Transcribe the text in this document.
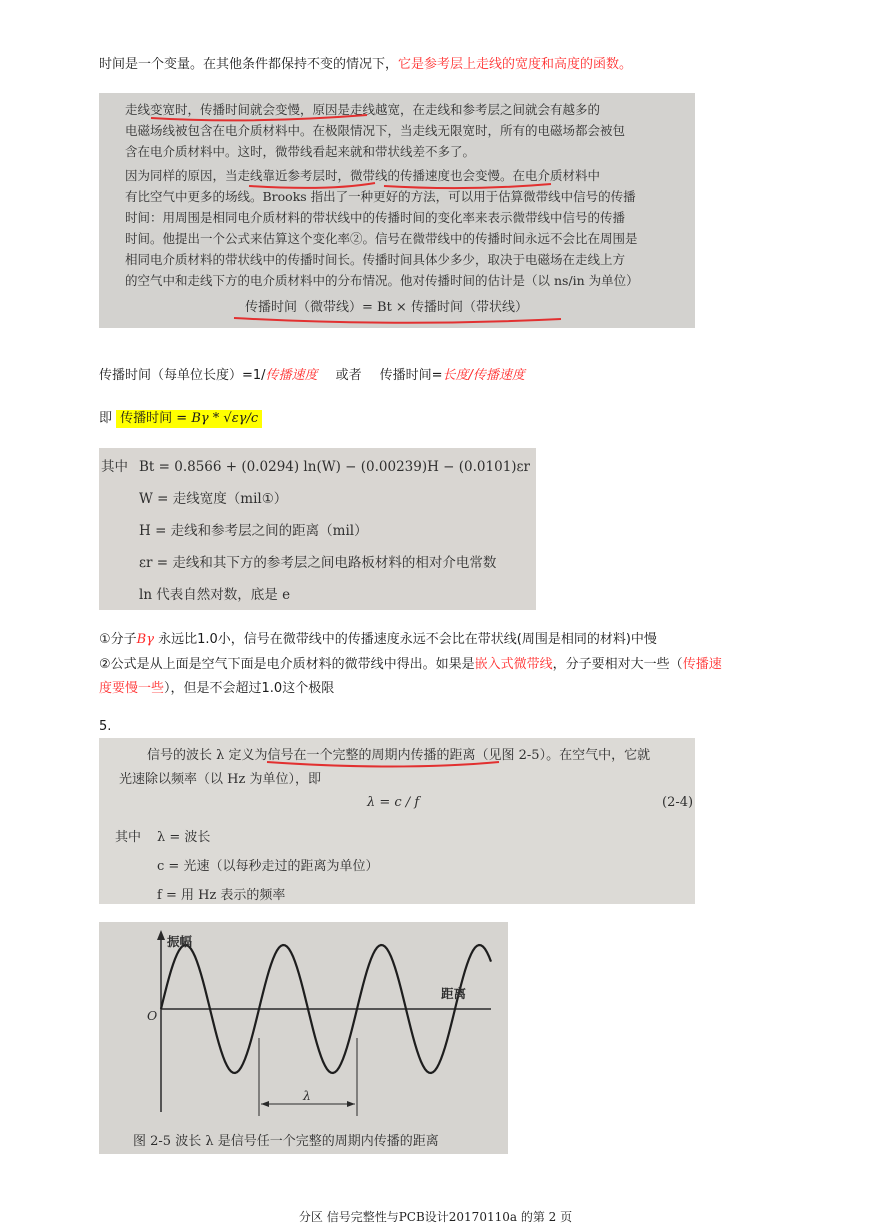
时间是一个变量。在其他条件都保持不变的情况下，它是参考层上走线的宽度和高度的函数。
走线变宽时，传播时间就会变慢，原因是走线越宽，在走线和参考层之间就会有越多的
电磁场线被包含在电介质材料中。在极限情况下，当走线无限宽时，所有的电磁场都会被包
含在电介质材料中。这时，微带线看起来就和带状线差不多了。
因为同样的原因，当走线靠近参考层时，微带线的传播速度也会变慢。在电介质材料中
有比空气中更多的场线。Brooks 指出了一种更好的方法，可以用于估算微带线中信号的传播
时间：用周围是相同电介质材料的带状线中的传播时间的变化率来表示微带线中信号的传播
时间。他提出一个公式来估算这个变化率②。信号在微带线中的传播时间永远不会比在周围是
相同电介质材料的带状线中的传播时间长。传播时间具体少多少，取决于电磁场在走线上方
的空气中和走线下方的电介质材料中的分布情况。他对传播时间的估计是（以 ns/in 为单位）
传播时间（微带线）= Bt × 传播时间（带状线）
传播时间（每单位长度）=1/传播速度 或者 传播时间=长度/传播速度
即 传播时间 = Bγ * √εγ/c
其中 Bt = 0.8566 + (0.0294) ln(W) − (0.00239)H − (0.0101)εr
W = 走线宽度（mil①）
H = 走线和参考层之间的距离（mil）
εr = 走线和其下方的参考层之间电路板材料的相对介电常数
ln 代表自然对数，底是 e
①分子Bγ 永远比1.0小，信号在微带线中的传播速度永远不会比在带状线(周围是相同的材料)中慢
②公式是从上面是空气下面是电介质材料的微带线中得出。如果是嵌入式微带线，分子要相对大一些（传播速
度要慢一些），但是不会超过1.0这个极限
5.
信号的波长 λ 定义为信号在一个完整的周期内传播的距离（见图 2-5）。在空气中，它就
光速除以频率（以 Hz 为单位），即
λ = c / f	(2-4)
其中 λ = 波长
c = 光速（以每秒走过的距离为单位）
f = 用 Hz 表示的频率
振幅
距离
O
λ
图 2-5 波长 λ 是信号任一个完整的周期内传播的距离
分区 信号完整性与PCB设计20170110a 的第 2 页
